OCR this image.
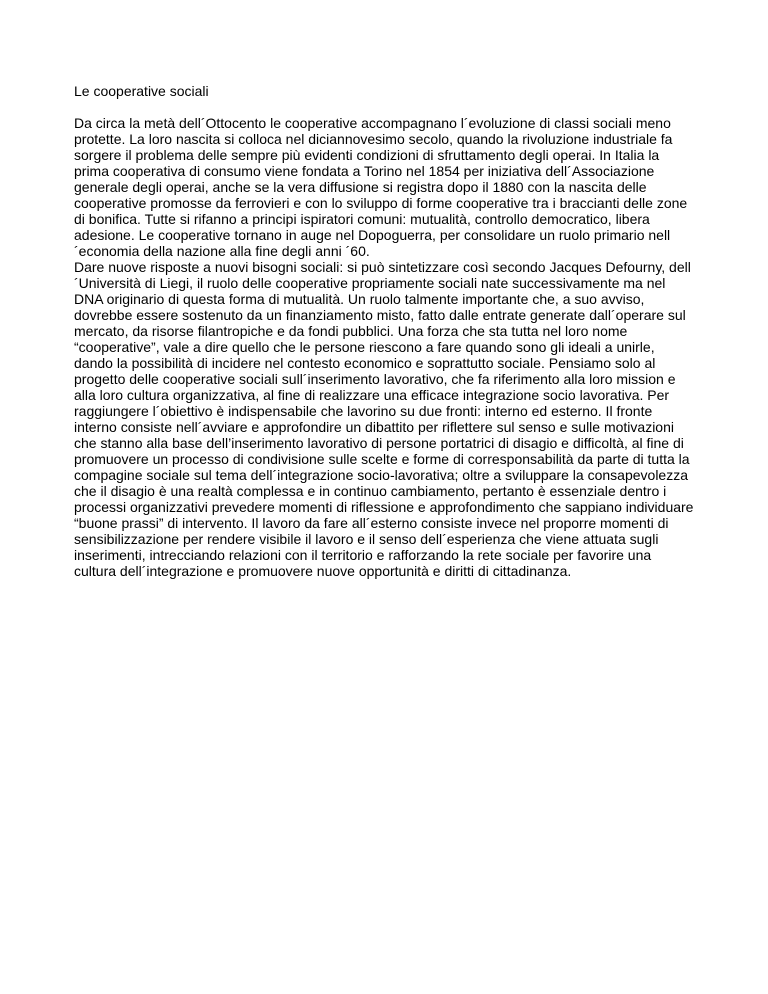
Le cooperative sociali

Da circa la metà dell´Ottocento le cooperative accompagnano l´evoluzione di classi sociali meno protette. La loro nascita si colloca nel diciannovesimo secolo, quando la rivoluzione industriale fa sorgere il problema delle sempre più evidenti condizioni di sfruttamento degli operai. In Italia la prima cooperativa di consumo viene fondata a Torino nel 1854 per iniziativa dell´Associazione generale degli operai, anche se la vera diffusione si registra dopo il 1880 con la nascita delle cooperative promosse da ferrovieri e con lo sviluppo di forme cooperative tra i braccianti delle zone di bonifica. Tutte si rifanno a principi ispiratori comuni: mutualità, controllo democratico, libera adesione. Le cooperative tornano in auge nel Dopoguerra, per consolidare un ruolo primario nell´economia della nazione alla fine degli anni ´60.

Dare nuove risposte a nuovi bisogni sociali: si può sintetizzare così secondo Jacques Defourny, dell´Università di Liegi, il ruolo delle cooperative propriamente sociali nate successivamente ma nel DNA originario di questa forma di mutualità. Un ruolo talmente importante che, a suo avviso, dovrebbe essere sostenuto da un finanziamento misto, fatto dalle entrate generate dall´operare sul mercato, da risorse filantropiche e da fondi pubblici. Una forza che sta tutta nel loro nome “cooperative”, vale a dire quello che le persone riescono a fare quando sono gli ideali a unirle, dando la possibilità di incidere nel contesto economico e soprattutto sociale. Pensiamo solo al progetto delle cooperative sociali sull´inserimento lavorativo, che fa riferimento alla loro mission e alla loro cultura organizzativa, al fine di realizzare una efficace integrazione socio lavorativa. Per raggiungere l´obiettivo è indispensabile che lavorino su due fronti: interno ed esterno. Il fronte interno consiste nell´avviare e approfondire un dibattito per riflettere sul senso e sulle motivazioni che stanno alla base dell’inserimento lavorativo di persone portatrici di disagio e difficoltà, al fine di promuovere un processo di condivisione sulle scelte e forme di corresponsabilità da parte di tutta la compagine sociale sul tema dell´integrazione socio-lavorativa; oltre a sviluppare la consapevolezza che il disagio è una realtà complessa e in continuo cambiamento, pertanto è essenziale dentro i processi organizzativi prevedere momenti di riflessione e approfondimento che sappiano individuare “buone prassi” di intervento. Il lavoro da fare all´esterno consiste invece nel proporre momenti di sensibilizzazione per rendere visibile il lavoro e il senso dell´esperienza che viene attuata sugli inserimenti, intrecciando relazioni con il territorio e rafforzando la rete sociale per favorire una cultura dell´integrazione e promuovere nuove opportunità e diritti di cittadinanza.
